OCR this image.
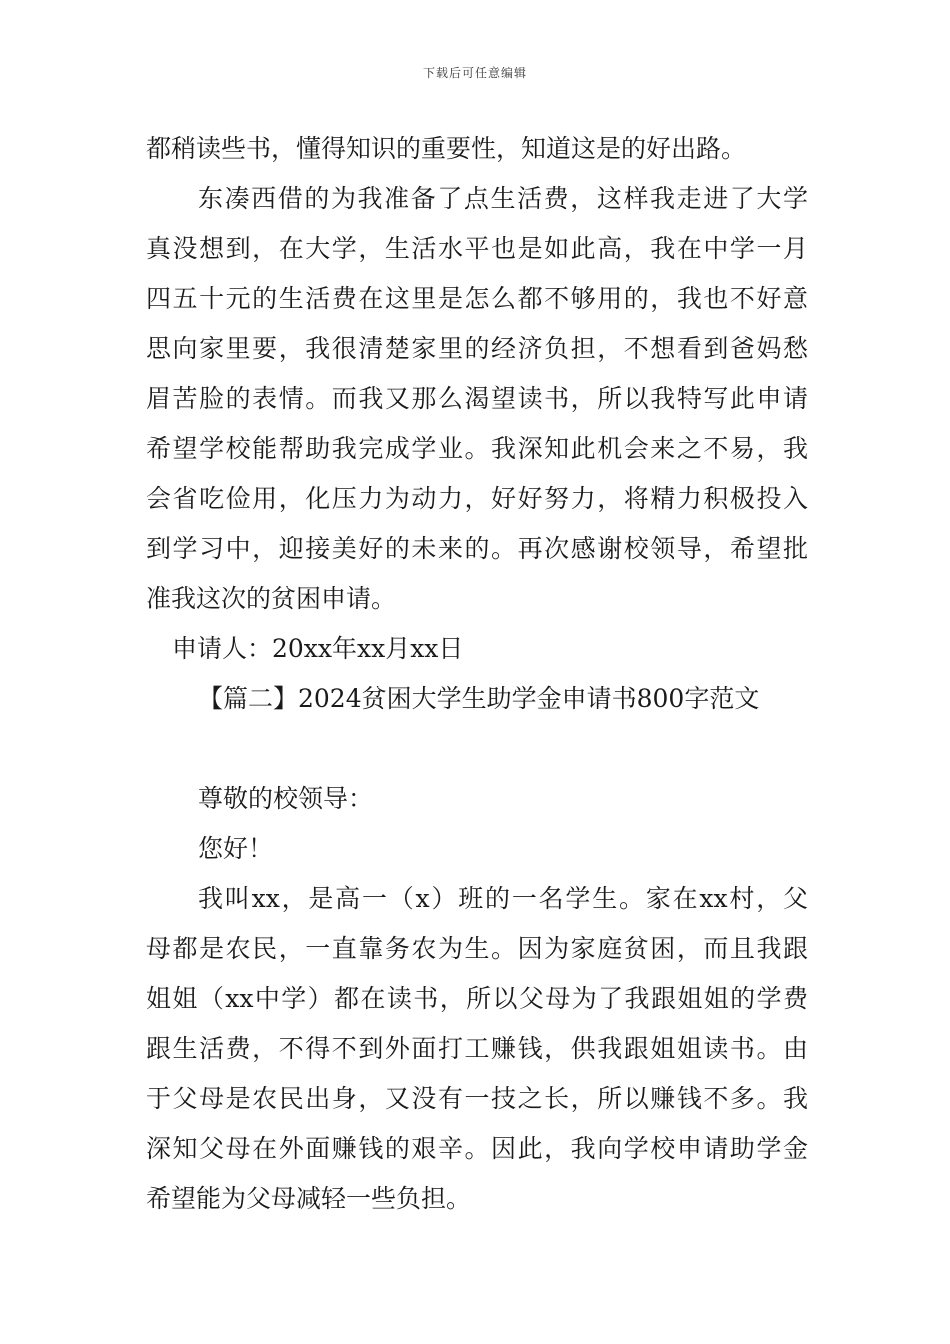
下载后可任意编辑
都稍读些书，懂得知识的重要性，知道这是的好出路。
东凑西借的为我准备了点生活费，这样我走进了大学
真没想到，在大学，生活水平也是如此高，我在中学一月
四五十元的生活费在这里是怎么都不够用的，我也不好意
思向家里要，我很清楚家里的经济负担，不想看到爸妈愁
眉苦脸的表情。而我又那么渴望读书，所以我特写此申请
希望学校能帮助我完成学业。我深知此机会来之不易，我
会省吃俭用，化压力为动力，好好努力，将精力积极投入
到学习中，迎接美好的未来的。再次感谢校领导，希望批
准我这次的贫困申请。
申请人：20xx年xx月xx日
【篇二】2024贫困大学生助学金申请书800字范文
尊敬的校领导：
您好！
我叫xx，是高一（x）班的一名学生。家在xx村，父
母都是农民，一直靠务农为生。因为家庭贫困，而且我跟
姐姐（xx中学）都在读书，所以父母为了我跟姐姐的学费
跟生活费，不得不到外面打工赚钱，供我跟姐姐读书。由
于父母是农民出身，又没有一技之长，所以赚钱不多。我
深知父母在外面赚钱的艰辛。因此，我向学校申请助学金
希望能为父母减轻一些负担。
